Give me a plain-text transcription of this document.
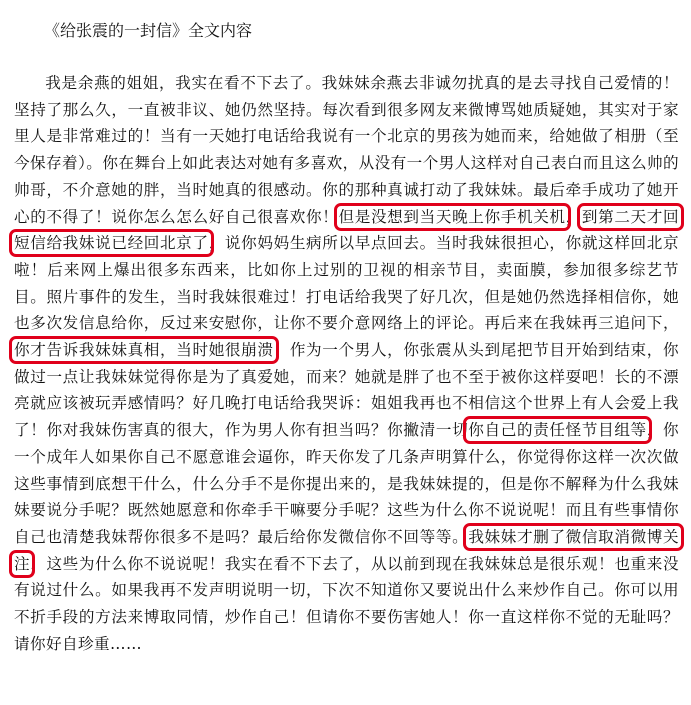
《给张震的一封信》全文内容

我是余燕的姐姐，我实在看不下去了。我妹妹余燕去非诚勿扰真的是去寻找自己爱情的！坚持了那么久，一直被非议、她仍然坚持。每次看到很多网友来微博骂她质疑她，其实对于家里人是非常难过的！当有一天她打电话给我说有一个北京的男孩为她而来，给她做了相册（至今保存着）。你在舞台上如此表达对她有多喜欢，从没有一个男人这样对自己表白而且这么帅的帅哥，不介意她的胖，当时她真的很感动。你的那种真诚打动了我妹妹。最后牵手成功了她开心的不得了！说你怎么怎么好自己很喜欢你！但是没想到当天晚上你手机关机，到第二天才回短信给我妹说已经回北京了，说你妈妈生病所以早点回去。当时我妹很担心，你就这样回北京啦！后来网上爆出很多东西来，比如你上过别的卫视的相亲节目，卖面膜，参加很多综艺节目。照片事件的发生，当时我妹很难过！打电话给我哭了好几次，但是她仍然选择相信你，她也多次发信息给你，反过来安慰你，让你不要介意网络上的评论。再后来在我妹再三追问下，你才告诉我妹妹真相，当时她很崩溃！作为一个男人，你张震从头到尾把节目开始到结束，你做过一点让我妹妹觉得你是为了真爱她，而来？她就是胖了也不至于被你这样耍吧！长的不漂亮就应该被玩弄感情吗？好几晚打电话给我哭诉：姐姐我再也不相信这个世界上有人会爱上我了！你对我妹伤害真的很大，作为男人你有担当吗？你撇清一切你自己的责任怪节目组等，你一个成年人如果你自己不愿意谁会逼你，昨天你发了几条声明算什么，你觉得你这样一次次做这些事情到底想干什么，什么分手不是你提出来的，是我妹妹提的，但是你不解释为什么我妹妹要说分手呢？既然她愿意和你牵手干嘛要分手呢？这些为什么你不说说呢！而且有些事情你自己也清楚我妹帮你很多不是吗？最后给你发微信你不回等等。我妹妹才删了微信取消微博关注，这些为什么你不说说呢！我实在看不下去了，从以前到现在我妹妹总是很乐观！也重来没有说过什么。如果我再不发声明说明一切，下次不知道你又要说出什么来炒作自己。你可以用不折手段的方法来博取同情，炒作自己！但请你不要伤害她人！你一直这样你不觉的无耻吗？请你好自珍重……
